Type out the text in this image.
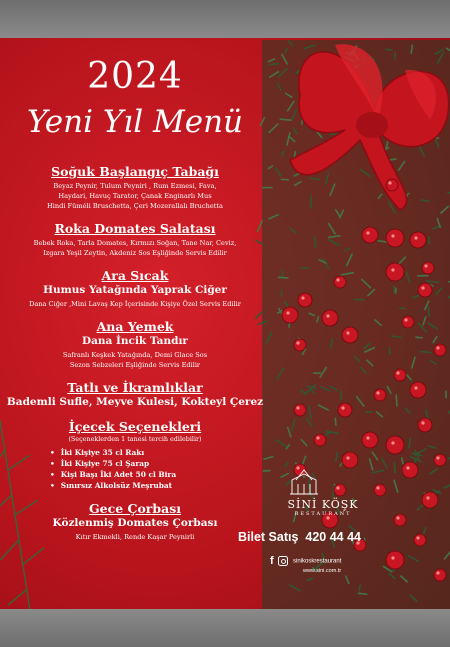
2024
Yeni Yıl Menü

Soğuk Başlangıç Tabağı

Beyaz Peynir, Tulum Peyniri , Rum Ezmesi, Fava,
Haydari, Havuç Tarator, Çanak Enginarlı Mus
Hindi Füméli Bruschetta, Çeri Mozerallalı Bruchetta

Roka Domates Salatası

Bebek Roka, Tarla Domates, Kırmızı Soğan, Tane Nar, Ceviz,
Izgara Yeşil Zeytin, Akdeniz Sos Eşliğinde Servis Edilir

Ara Sıcak

Humus Yatağında Yaprak Ciğer

Dana Ciğer ,Mini Lavaş Kep İçerisinde Kişiye Özel Servis Edilir

Ana Yemek

Dana İncik Tandır

Safranlı Keşkek Yatağında, Demi Glace Sos
Sezon Sebzeleri Eşliğinde Servis Edilir

Tatlı ve İkramlıklar

Bademli Sufle, Meyve Kulesi, Kokteyl Çerez

İçecek Seçenekleri

(Seçeneklerden 1 tanesi tercih edilebilir)

• İki Kişiye 35 cl Rakı
• İki Kişiye 75 cl Şarap
• Kişi Başı İki Adet 50 cl Bira
• Sınırsız Alkolsüz Meşrubat

Gece Çorbası

Közlenmiş Domates Çorbası

Kıtır Ekmekli, Rende Kaşar Peynirli

SİNİ KÖŞK
RESTAURANT
Bilet Satış 420 44 44
f	sinikoskrestaurant
www.sini.com.tr
